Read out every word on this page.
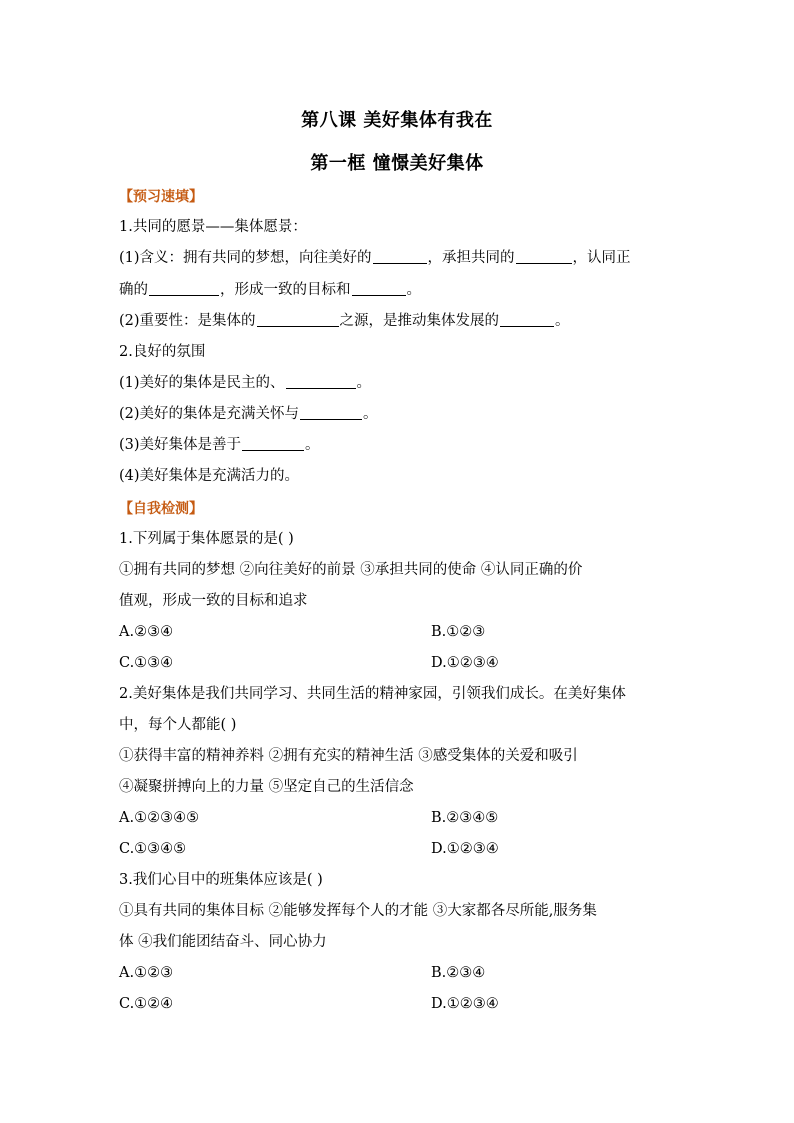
第八课 美好集体有我在
第一框 憧憬美好集体
【预习速填】
1.共同的愿景——集体愿景：
(1)含义：拥有共同的梦想，向往美好的	，承担共同的	，认同正
确的	，形成一致的目标和	。
(2)重要性：是集体的	之源，是推动集体发展的	。
2.良好的氛围
(1)美好的集体是民主的、	。
(2)美好的集体是充满关怀与	。
(3)美好集体是善于	。
(4)美好集体是充满活力的。
【自我检测】
1.下列属于集体愿景的是( )
①拥有共同的梦想 ②向往美好的前景 ③承担共同的使命 ④认同正确的价
值观，形成一致的目标和追求
A.②③④	B.①②③
C.①③④	D.①②③④
2.美好集体是我们共同学习、共同生活的精神家园，引领我们成长。在美好集体
中，每个人都能( )
①获得丰富的精神养料 ②拥有充实的精神生活 ③感受集体的关爱和吸引
④凝聚拼搏向上的力量 ⑤坚定自己的生活信念
A.①②③④⑤	B.②③④⑤
C.①③④⑤	D.①②③④
3.我们心目中的班集体应该是( )
①具有共同的集体目标 ②能够发挥每个人的才能 ③大家都各尽所能,服务集
体 ④我们能团结奋斗、同心协力
A.①②③	B.②③④
C.①②④	D.①②③④
